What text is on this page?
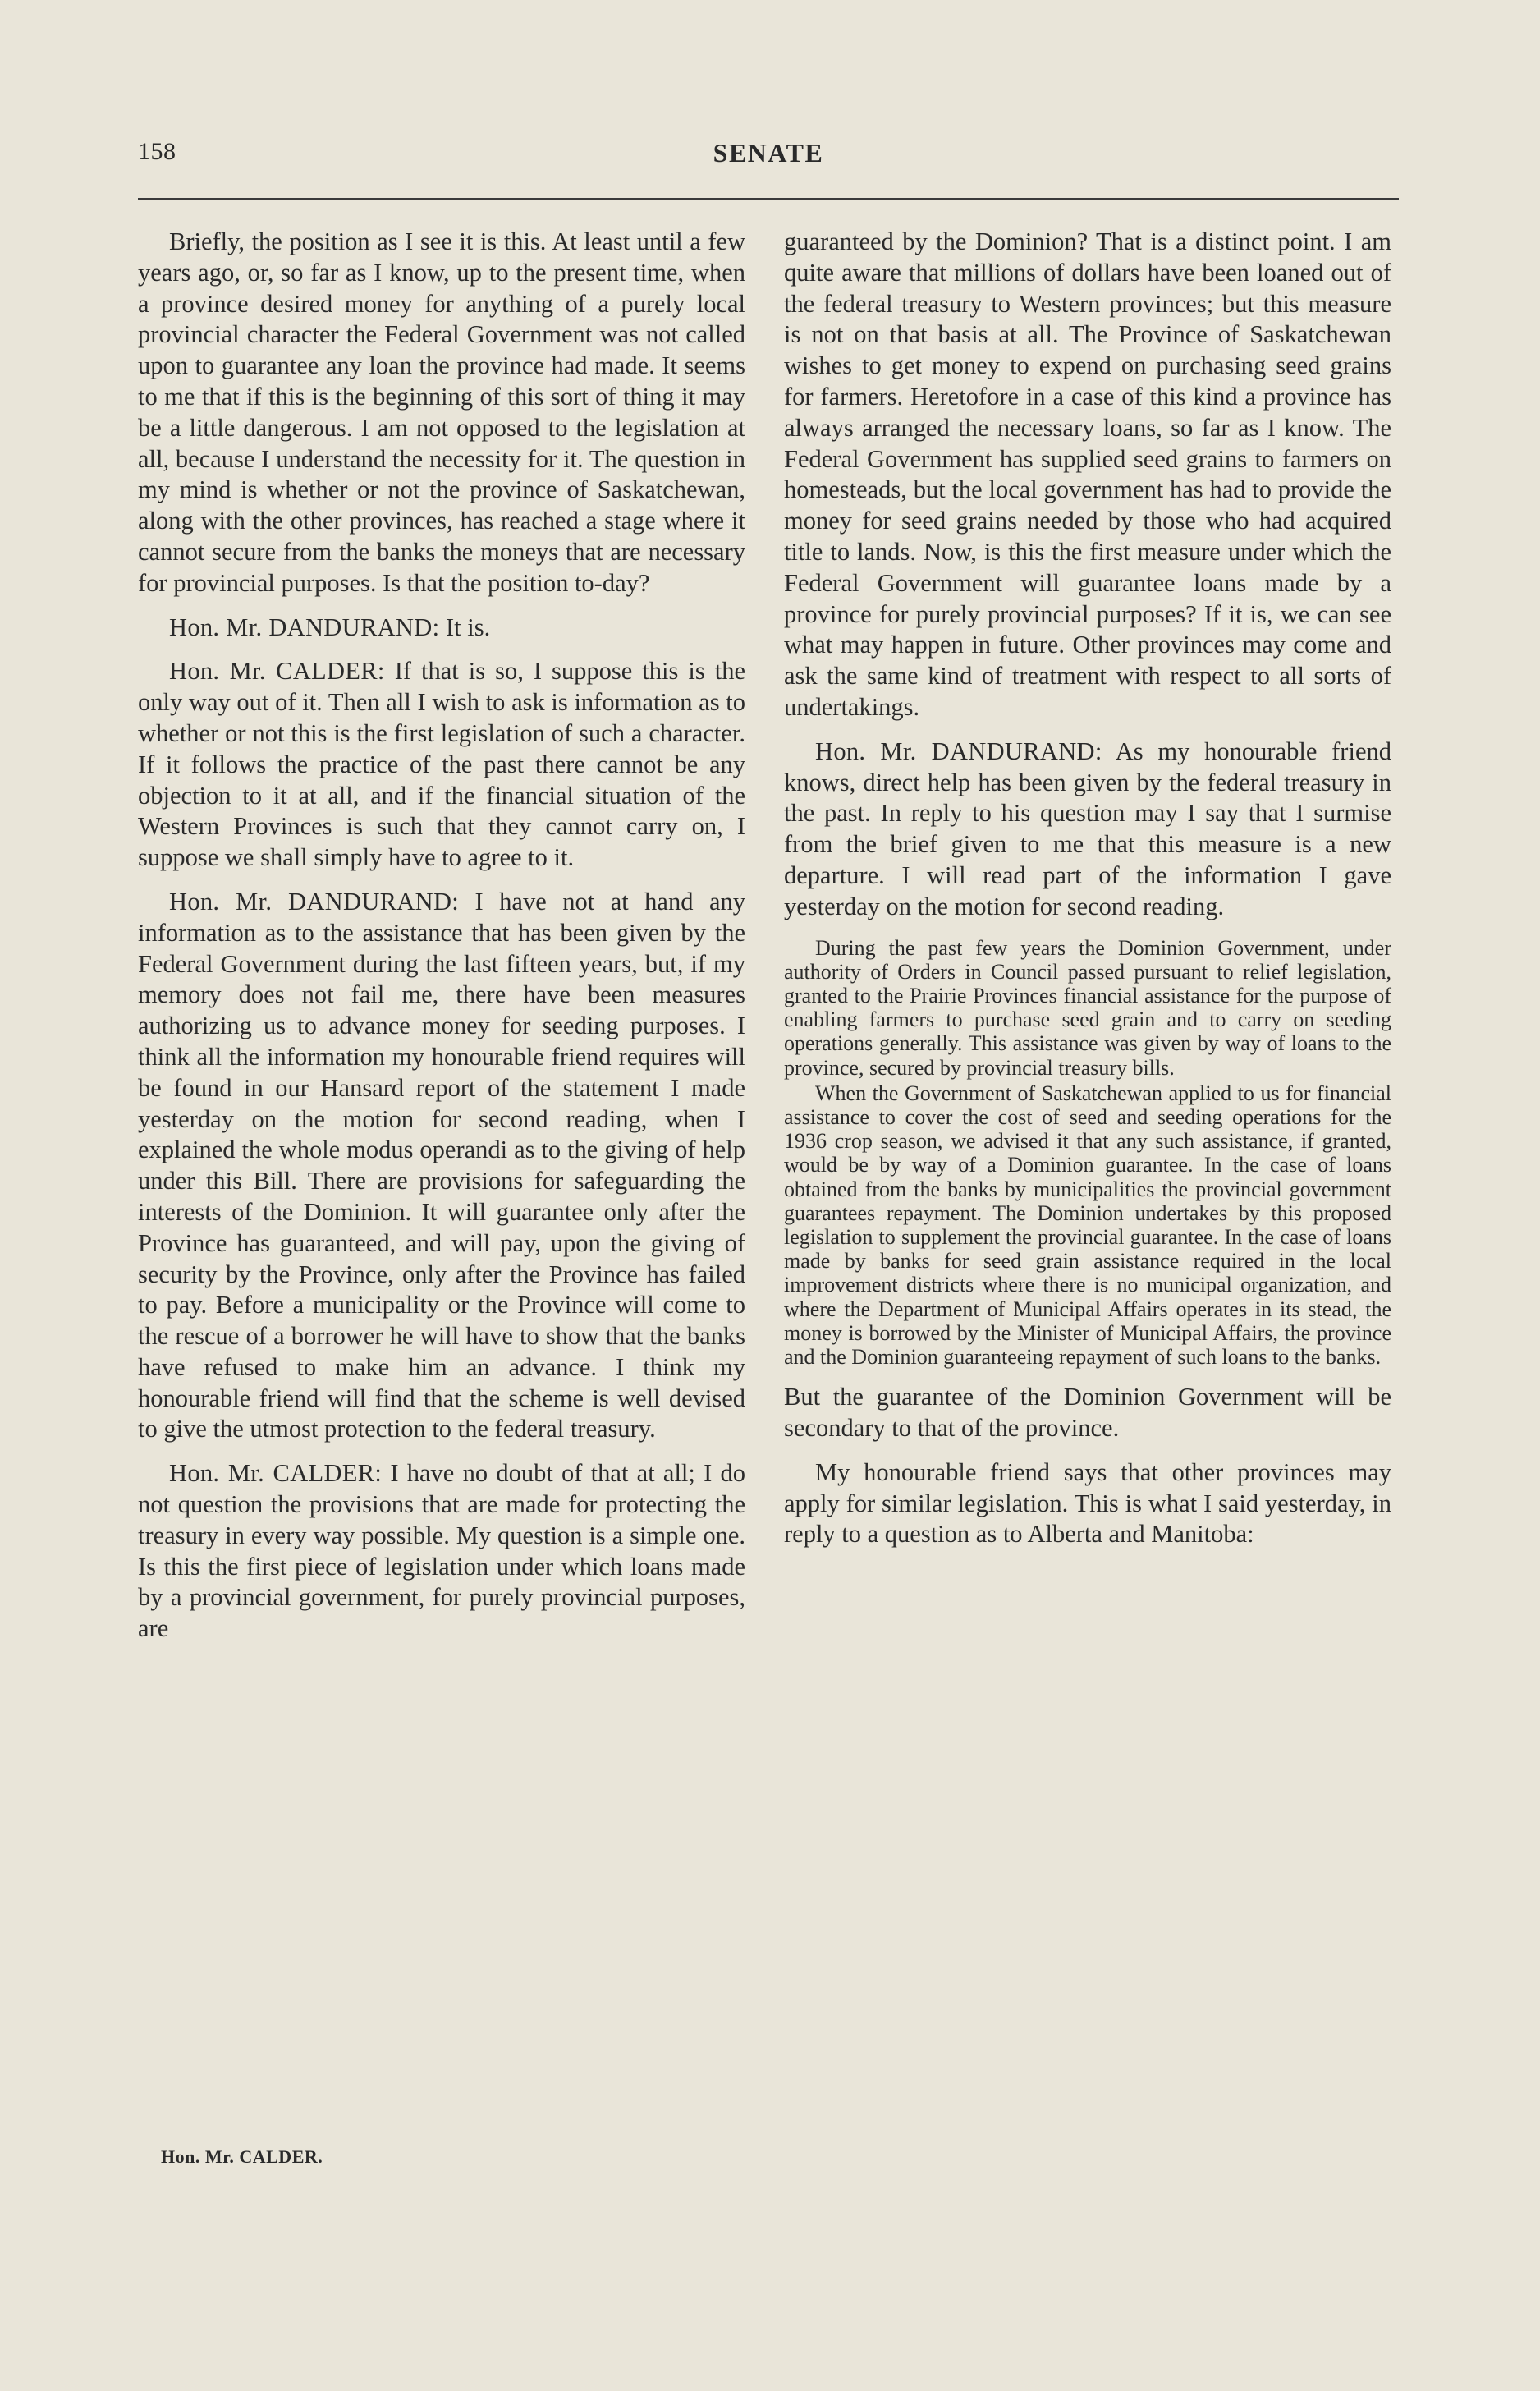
158	SENATE

Briefly, the position as I see it is this. At least until a few years ago, or, so far as I know, up to the present time, when a province desired money for anything of a purely local provincial character the Federal Government was not called upon to guarantee any loan the province had made. It seems to me that if this is the beginning of this sort of thing it may be a little dangerous. I am not opposed to the legislation at all, because I understand the necessity for it. The question in my mind is whether or not the province of Saskatchewan, along with the other provinces, has reached a stage where it cannot secure from the banks the moneys that are necessary for provincial purposes. Is that the position to-day?

Hon. Mr. DANDURAND: It is.

Hon. Mr. CALDER: If that is so, I suppose this is the only way out of it. Then all I wish to ask is information as to whether or not this is the first legislation of such a character. If it follows the practice of the past there cannot be any objection to it at all, and if the financial situation of the Western Provinces is such that they cannot carry on, I suppose we shall simply have to agree to it.

Hon. Mr. DANDURAND: I have not at hand any information as to the assistance that has been given by the Federal Government during the last fifteen years, but, if my memory does not fail me, there have been measures authorizing us to advance money for seeding purposes. I think all the information my honourable friend requires will be found in our Hansard report of the statement I made yesterday on the motion for second reading, when I explained the whole modus operandi as to the giving of help under this Bill. There are provisions for safeguarding the interests of the Dominion. It will guarantee only after the Province has guaranteed, and will pay, upon the giving of security by the Province, only after the Province has failed to pay. Before a municipality or the Province will come to the rescue of a borrower he will have to show that the banks have refused to make him an advance. I think my honourable friend will find that the scheme is well devised to give the utmost protection to the federal treasury.

Hon. Mr. CALDER: I have no doubt of that at all; I do not question the provisions that are made for protecting the treasury in every way possible. My question is a simple one. Is this the first piece of legislation under which loans made by a provincial government, for purely provincial purposes, are

guaranteed by the Dominion? That is a distinct point. I am quite aware that millions of dollars have been loaned out of the federal treasury to Western provinces; but this measure is not on that basis at all. The Province of Saskatchewan wishes to get money to expend on purchasing seed grains for farmers. Heretofore in a case of this kind a province has always arranged the necessary loans, so far as I know. The Federal Government has supplied seed grains to farmers on homesteads, but the local government has had to provide the money for seed grains needed by those who had acquired title to lands. Now, is this the first measure under which the Federal Government will guarantee loans made by a province for purely provincial purposes? If it is, we can see what may happen in future. Other provinces may come and ask the same kind of treatment with respect to all sorts of undertakings.

Hon. Mr. DANDURAND: As my honourable friend knows, direct help has been given by the federal treasury in the past. In reply to his question may I say that I surmise from the brief given to me that this measure is a new departure. I will read part of the information I gave yesterday on the motion for second reading.

During the past few years the Dominion Government, under authority of Orders in Council passed pursuant to relief legislation, granted to the Prairie Provinces financial assistance for the purpose of enabling farmers to purchase seed grain and to carry on seeding operations generally. This assistance was given by way of loans to the province, secured by provincial treasury bills.

When the Government of Saskatchewan applied to us for financial assistance to cover the cost of seed and seeding operations for the 1936 crop season, we advised it that any such assistance, if granted, would be by way of a Dominion guarantee. In the case of loans obtained from the banks by municipalities the provincial government guarantees repayment. The Dominion undertakes by this proposed legislation to supplement the provincial guarantee. In the case of loans made by banks for seed grain assistance required in the local improvement districts where there is no municipal organization, and where the Department of Municipal Affairs operates in its stead, the money is borrowed by the Minister of Municipal Affairs, the province and the Dominion guaranteeing repayment of such loans to the banks.

But the guarantee of the Dominion Government will be secondary to that of the province.

My honourable friend says that other provinces may apply for similar legislation. This is what I said yesterday, in reply to a question as to Alberta and Manitoba:

Hon. Mr. CALDER.
